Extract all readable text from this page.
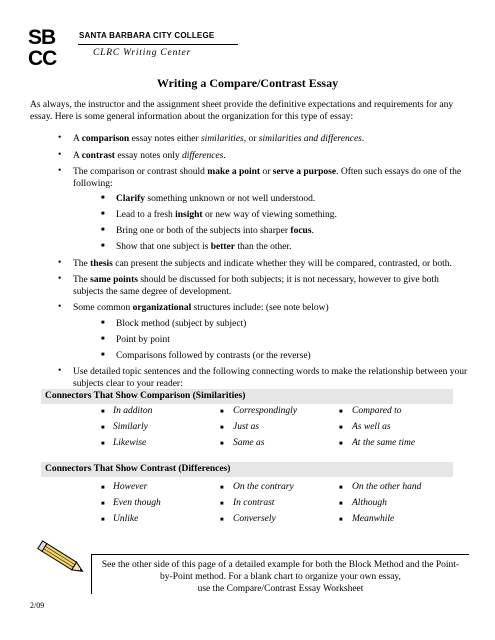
SB
CC
SANTA BARBARA CITY COLLEGE
CLRC Writing Center
Writing a Compare/Contrast Essay
As always, the instructor and the assignment sheet provide the definitive expectations and requirements for any essay. Here is some general information about the organization for this type of essay:
• A comparison essay notes either similarities, or similarities and differences.
• A contrast essay notes only differences.
• The comparison or contrast should make a point or serve a purpose. Often such essays do one of the following:
■ Clarify something unknown or not well understood.
■ Lead to a fresh insight or new way of viewing something.
■ Bring one or both of the subjects into sharper focus.
■ Show that one subject is better than the other.
• The thesis can present the subjects and indicate whether they will be compared, contrasted, or both.
• The same points should be discussed for both subjects; it is not necessary, however to give both subjects the same degree of development.
• Some common organizational structures include: (see note below)
■ Block method (subject by subject)
■ Point by point
■ Comparisons followed by contrasts (or the reverse)
• Use detailed topic sentences and the following connecting words to make the relationship between your subjects clear to your reader:
Connectors That Show Comparison (Similarities)
■ In additon
■ Similarly
■ Likewise
■ Correspondingly
■ Just as
■ Same as
■ Compared to
■ As well as
■ At the same time
Connectors That Show Contrast (Differences)
■ However
■ Even though
■ Unlike
■ On the contrary
■ In contrast
■ Conversely
■ On the other hand
■ Although
■ Meanwhile
See the other side of this page of a detailed example for both the Block Method and the Point-
by-Point method. For a blank chart to organize your own essay,
use the Compare/Contrast Essay Worksheet
2/09
